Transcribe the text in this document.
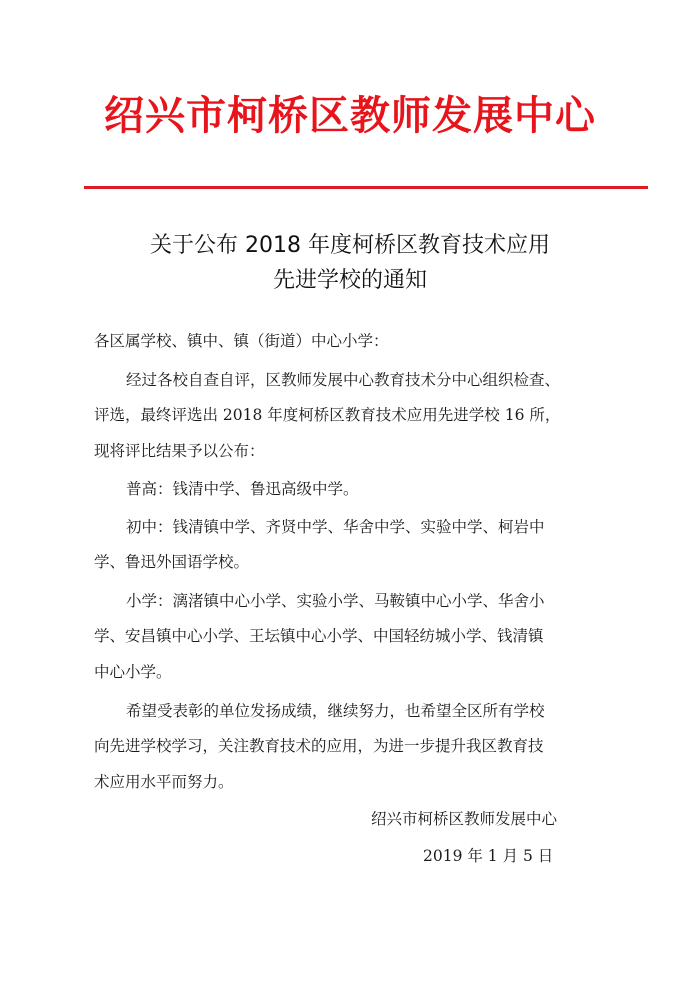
绍兴市柯桥区教师发展中心
关于公布 2018 年度柯桥区教育技术应用
先进学校的通知
各区属学校、镇中、镇（街道）中心小学：
经过各校自查自评，区教师发展中心教育技术分中心组织检查、
评选，最终评选出 2018 年度柯桥区教育技术应用先进学校 16 所，
现将评比结果予以公布：
普高：钱清中学、鲁迅高级中学。
初中：钱清镇中学、齐贤中学、华舍中学、实验中学、柯岩中
学、鲁迅外国语学校。
小学：漓渚镇中心小学、实验小学、马鞍镇中心小学、华舍小
学、安昌镇中心小学、王坛镇中心小学、中国轻纺城小学、钱清镇
中心小学。
希望受表彰的单位发扬成绩，继续努力，也希望全区所有学校
向先进学校学习，关注教育技术的应用，为进一步提升我区教育技
术应用水平而努力。
绍兴市柯桥区教师发展中心
2019 年 1 月 5 日
